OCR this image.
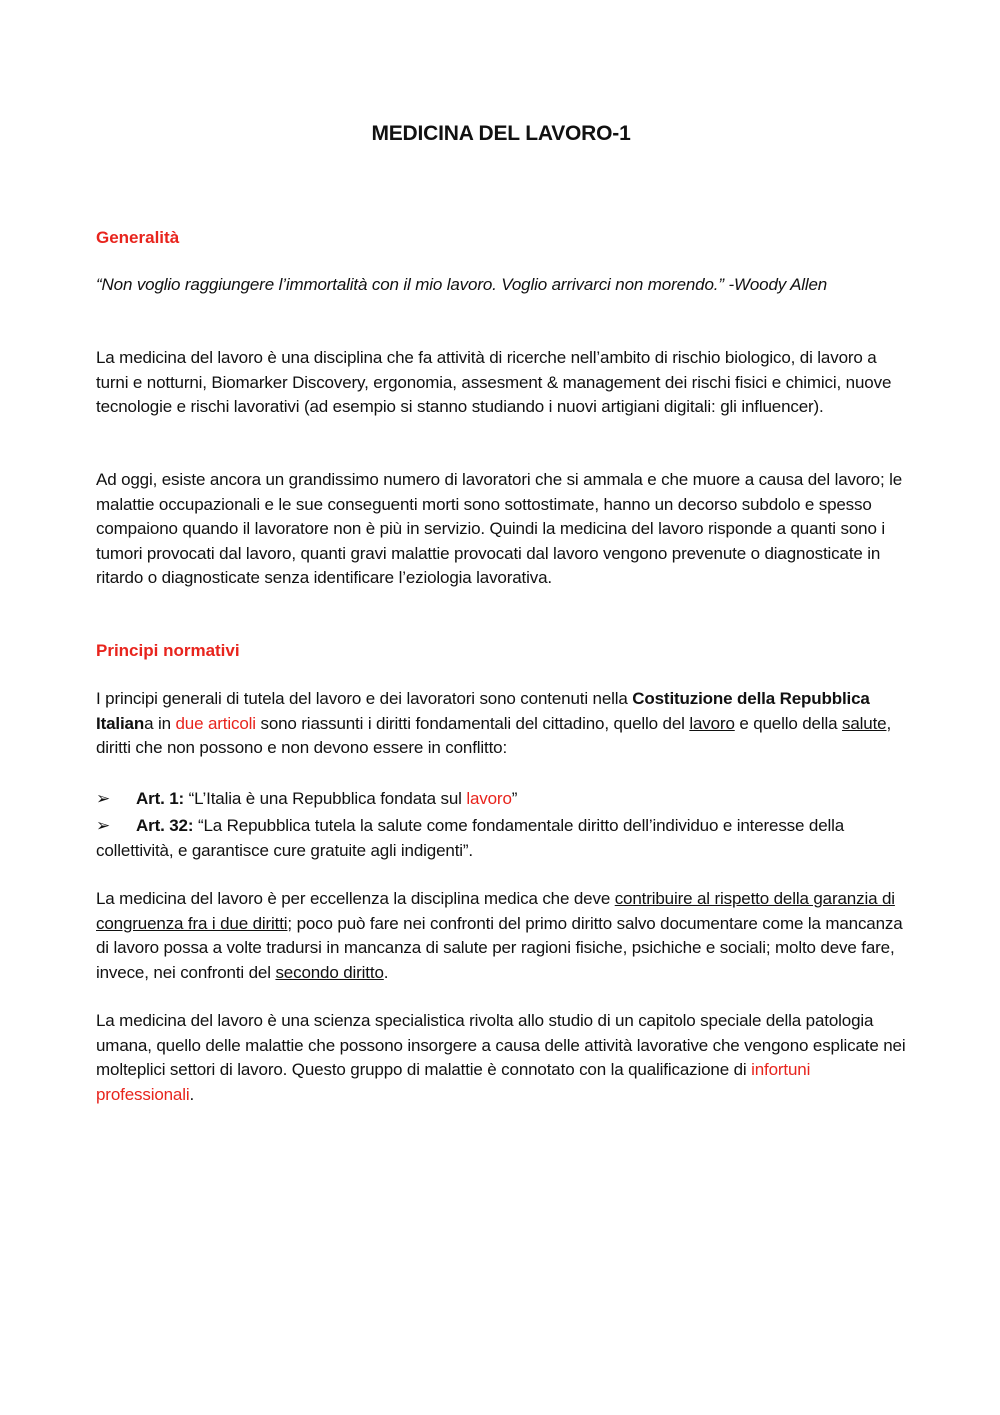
MEDICINA DEL LAVORO-1
Generalità
“Non voglio raggiungere l’immortalità con il mio lavoro. Voglio arrivarci non morendo.” -Woody Allen
La medicina del lavoro è una disciplina che fa attività di ricerche nell’ambito di rischio biologico, di lavoro a turni e notturni, Biomarker Discovery, ergonomia, assesment & management dei rischi fisici e chimici, nuove tecnologie e rischi lavorativi (ad esempio si stanno studiando i nuovi artigiani digitali: gli influencer).
Ad oggi, esiste ancora un grandissimo numero di lavoratori che si ammala e che muore a causa del lavoro; le malattie occupazionali e le sue conseguenti morti sono sottostimate, hanno un decorso subdolo e spesso compaiono quando il lavoratore non è più in servizio. Quindi la medicina del lavoro risponde a quanti sono i tumori provocati dal lavoro, quanti gravi malattie provocati dal lavoro vengono prevenute o diagnosticate in ritardo o diagnosticate senza identificare l’eziologia lavorativa.
Principi normativi
I principi generali di tutela del lavoro e dei lavoratori sono contenuti nella Costituzione della Repubblica Italiana in due articoli sono riassunti i diritti fondamentali del cittadino, quello del lavoro e quello della salute, diritti che non possono e non devono essere in conflitto:
➢ Art. 1: “L’Italia è una Repubblica fondata sul lavoro”
➢ Art. 32: “La Repubblica tutela la salute come fondamentale diritto dell’individuo e interesse della collettività, e garantisce cure gratuite agli indigenti”.
La medicina del lavoro è per eccellenza la disciplina medica che deve contribuire al rispetto della garanzia di congruenza fra i due diritti; poco può fare nei confronti del primo diritto salvo documentare come la mancanza di lavoro possa a volte tradursi in mancanza di salute per ragioni fisiche, psichiche e sociali; molto deve fare, invece, nei confronti del secondo diritto.
La medicina del lavoro è una scienza specialistica rivolta allo studio di un capitolo speciale della patologia umana, quello delle malattie che possono insorgere a causa delle attività lavorative che vengono esplicate nei molteplici settori di lavoro. Questo gruppo di malattie è connotato con la qualificazione di infortuni professionali.
